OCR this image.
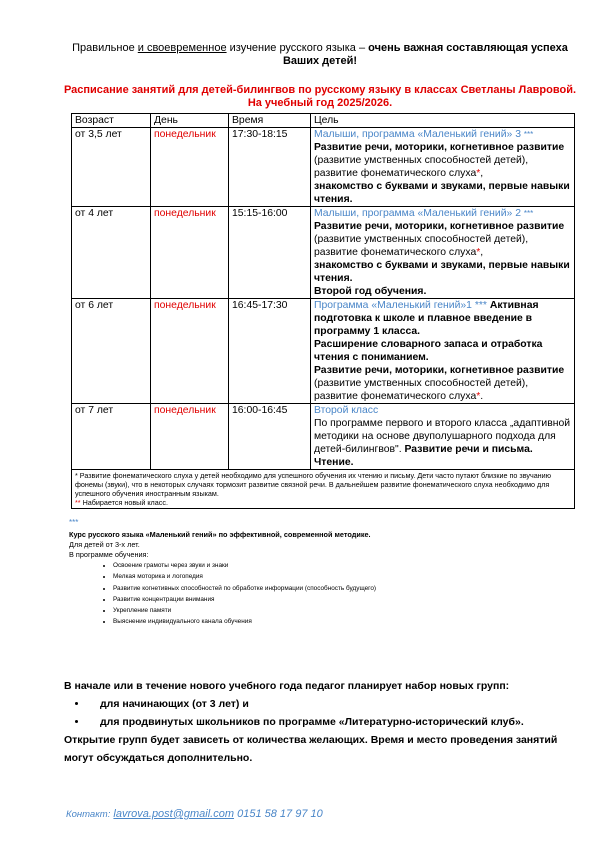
Правильное и своевременное изучение русского языка – очень важная составляющая успеха Ваших детей!
Расписание занятий для детей-билингвов по русскому языку в классах Светланы Лавровой.
На учебный год 2025/2026.
Возраст	День	Время	Цель
от 3,5 лет	понедельник	17:30-18:15	Малыши, программа «Маленький гений» 3 ***
Развитие речи, моторики, когнетивное развитие (развитие умственных способностей детей), развитие фонематического слуха*,
знакомство с буквами и звуками, первые навыки чтения.
от 4 лет	понедельник	15:15-16:00	Малыши, программа «Маленький гений» 2 ***
Развитие речи, моторики, когнетивное развитие (развитие умственных способностей детей), развитие фонематического слуха*,
знакомство с буквами и звуками, первые навыки чтения.
Второй год обучения.
от 6 лет	понедельник	16:45-17:30	Программа «Маленький гений»1 *** Активная подготовка к школе и плавное введение в программу 1 класса.
Расширение словарного запаса и отработка чтения с пониманием.
Развитие речи, моторики, когнетивное развитие (развитие умственных способностей детей), развитие фонематического слуха*.
от 7 лет	понедельник	16:00-16:45	Второй класс
По программе первого и второго класса „адаптивной методики на основе двуполушарного подхода для детей-билингвов". Развитие речи и письма. Чтение.

* Развитие фонематического слуха у детей необходимо для успешного обучения их чтению и письму. Дети часто путают близкие по звучанию фонемы (звуки), что в некоторых случаях тормозит развитие связной речи. В дальнейшем развитие фонематического слуха необходимо для успешного обучения иностранным языкам.
** Набирается новый класс.			
***
Курс русского языка «Маленький гений» по эффективной, современной методике.
Для детей от 3-х лет.
В программе обучения:
• Освоение грамоты через звуки и знаки
• Мелкая моторика и логопедия
• Развитие когнетивных способностей по обработке информации (способность будущего)
• Развитие концентрации внимания
• Укрепление памяти
• Выяснение индивидуального канала обучения
В начале или в течение нового учебного года педагог планирует набор новых групп:
• для начинающих (от 3 лет) и
• для продвинутых школьников по программе «Литературно-исторический клуб».
Открытие групп будет зависеть от количества желающих. Время и место проведения занятий могут обсуждаться дополнительно.
Контакт: lavrova.post@gmail.com 0151 58 17 97 10
